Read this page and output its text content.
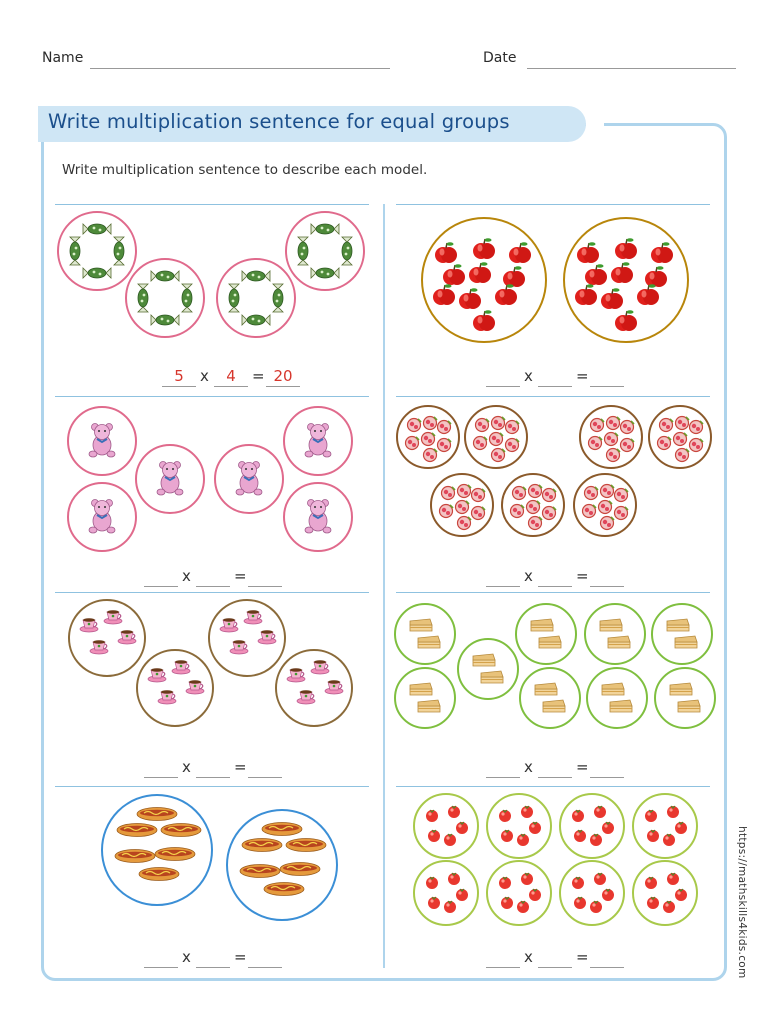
Name	Date
Write multiplication sentence for equal groups
Write multiplication sentence to describe each model.
5	x	4	= 20	x	=
x	=	x	=
x	=	x	=
x	=	x	=	https://mathskills4kids.com
